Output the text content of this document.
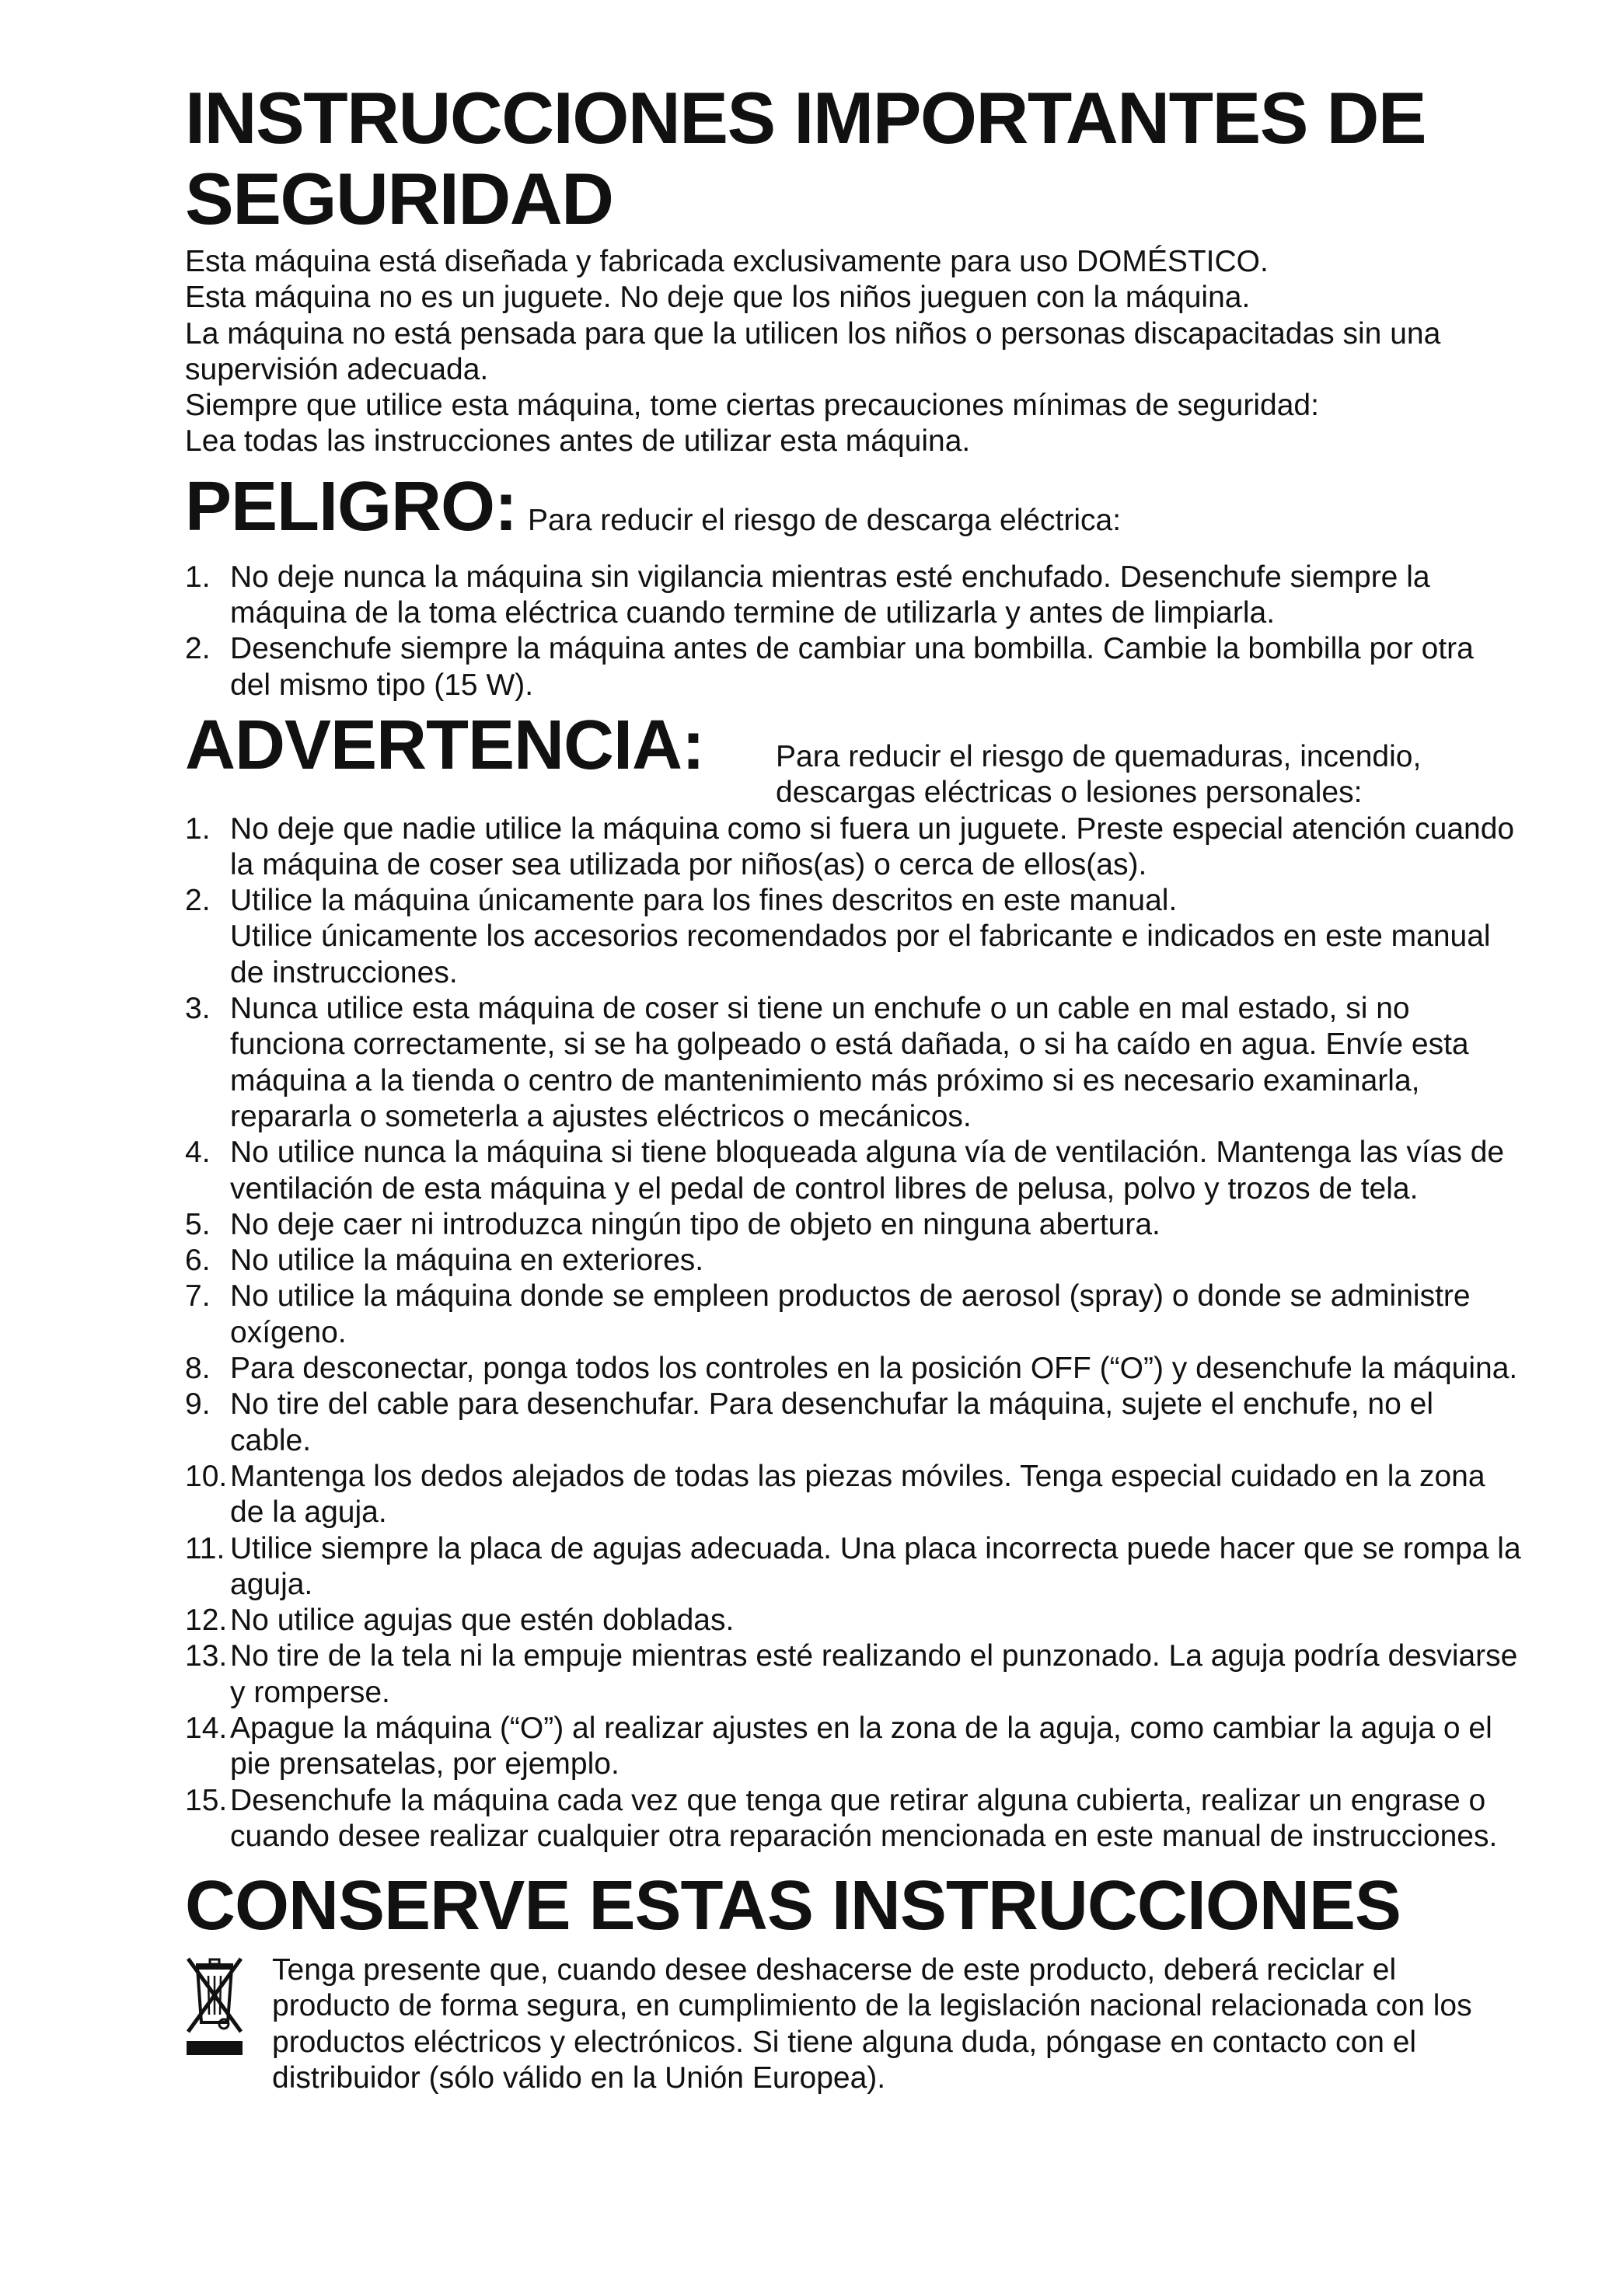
INSTRUCCIONES IMPORTANTES DE SEGURIDAD

Esta máquina está diseñada y fabricada exclusivamente para uso DOMÉSTICO.

Esta máquina no es un juguete. No deje que los niños jueguen con la máquina.

La máquina no está pensada para que la utilicen los niños o personas discapacitadas sin una supervisión adecuada.

Siempre que utilice esta máquina, tome ciertas precauciones mínimas de seguridad:

Lea todas las instrucciones antes de utilizar esta máquina.

PELIGRO: Para reducir el riesgo de descarga eléctrica:
1. No deje nunca la máquina sin vigilancia mientras esté enchufado. Desenchufe siempre la máquina de la toma eléctrica cuando termine de utilizarla y antes de limpiarla.
2. Desenchufe siempre la máquina antes de cambiar una bombilla. Cambie la bombilla por otra del mismo tipo (15 W).
ADVERTENCIA:	Para reducir el riesgo de quemaduras, incendio, descargas eléctricas o lesiones personales:
1. No deje que nadie utilice la máquina como si fuera un juguete. Preste especial atención cuando la máquina de coser sea utilizada por niños(as) o cerca de ellos(as).
2. Utilice la máquina únicamente para los fines descritos en este manual.
Utilice únicamente los accesorios recomendados por el fabricante e indicados en este manual de instrucciones.
3. Nunca utilice esta máquina de coser si tiene un enchufe o un cable en mal estado, si no funciona correctamente, si se ha golpeado o está dañada, o si ha caído en agua. Envíe esta máquina a la tienda o centro de mantenimiento más próximo si es necesario examinarla, repararla o someterla a ajustes eléctricos o mecánicos.
4. No utilice nunca la máquina si tiene bloqueada alguna vía de ventilación. Mantenga las vías de ventilación de esta máquina y el pedal de control libres de pelusa, polvo y trozos de tela.
5. No deje caer ni introduzca ningún tipo de objeto en ninguna abertura.
6. No utilice la máquina en exteriores.
7. No utilice la máquina donde se empleen productos de aerosol (spray) o donde se administre oxígeno.
8. Para desconectar, ponga todos los controles en la posición OFF (“O”) y desenchufe la máquina.
9. No tire del cable para desenchufar. Para desenchufar la máquina, sujete el enchufe, no el cable.
10. Mantenga los dedos alejados de todas las piezas móviles. Tenga especial cuidado en la zona de la aguja.
11. Utilice siempre la placa de agujas adecuada. Una placa incorrecta puede hacer que se rompa la aguja.
12. No utilice agujas que estén dobladas.
13. No tire de la tela ni la empuje mientras esté realizando el punzonado. La aguja podría desviarse y romperse.
14. Apague la máquina (“O”) al realizar ajustes en la zona de la aguja, como cambiar la aguja o el pie prensatelas, por ejemplo.
15. Desenchufe la máquina cada vez que tenga que retirar alguna cubierta, realizar un engrase o cuando desee realizar cualquier otra reparación mencionada en este manual de instrucciones.
CONSERVE ESTAS INSTRUCCIONES
Tenga presente que, cuando desee deshacerse de este producto, deberá reciclar el producto de forma segura, en cumplimiento de la legislación nacional relacionada con los productos eléctricos y electrónicos. Si tiene alguna duda, póngase en contacto con el distribuidor (sólo válido en la Unión Europea).
